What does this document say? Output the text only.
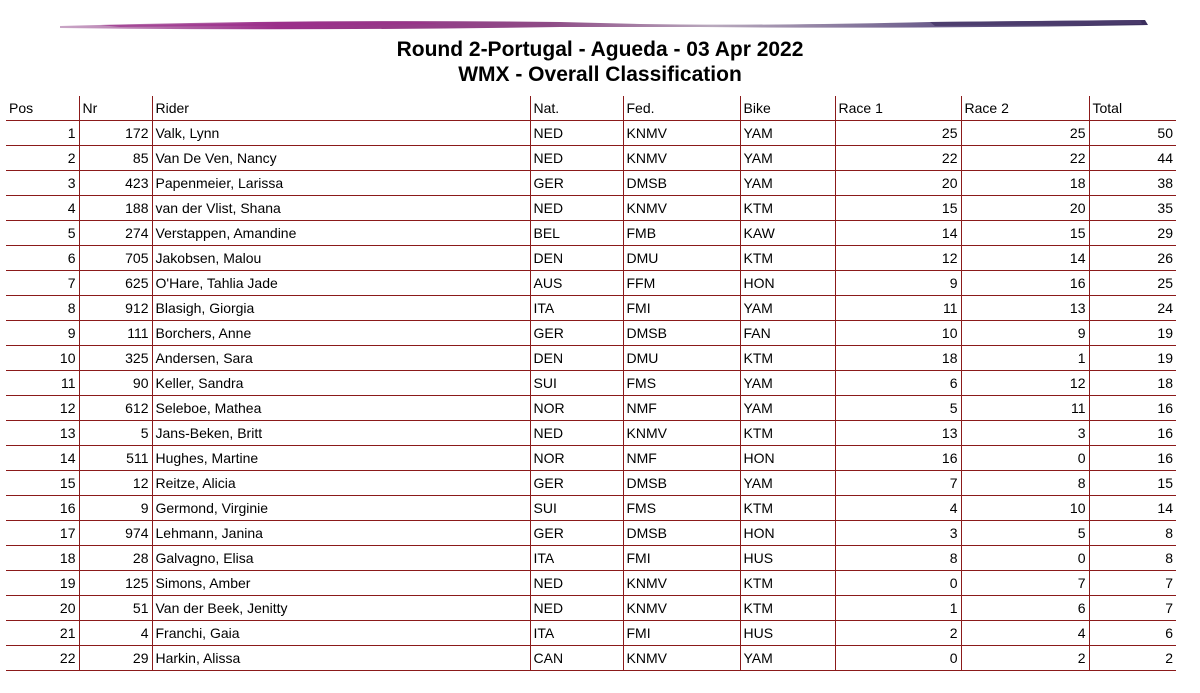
Round 2-Portugal - Agueda - 03 Apr 2022
WMX - Overall Classification
Pos	Nr	Rider	Nat.	Fed.	Bike	Race 1	Race 2	Total
1	172	Valk, Lynn	NED	KNMV	YAM	25	25	50
2	85	Van De Ven, Nancy	NED	KNMV	YAM	22	22	44
3	423	Papenmeier, Larissa	GER	DMSB	YAM	20	18	38
4	188	van der Vlist, Shana	NED	KNMV	KTM	15	20	35
5	274	Verstappen, Amandine	BEL	FMB	KAW	14	15	29
6	705	Jakobsen, Malou	DEN	DMU	KTM	12	14	26
7	625	O'Hare, Tahlia Jade	AUS	FFM	HON	9	16	25
8	912	Blasigh, Giorgia	ITA	FMI	YAM	11	13	24
9	111	Borchers, Anne	GER	DMSB	FAN	10	9	19
10	325	Andersen, Sara	DEN	DMU	KTM	18	1	19
11	90	Keller, Sandra	SUI	FMS	YAM	6	12	18
12	612	Seleboe, Mathea	NOR	NMF	YAM	5	11	16
13	5	Jans-Beken, Britt	NED	KNMV	KTM	13	3	16
14	511	Hughes, Martine	NOR	NMF	HON	16	0	16
15	12	Reitze, Alicia	GER	DMSB	YAM	7	8	15
16	9	Germond, Virginie	SUI	FMS	KTM	4	10	14
17	974	Lehmann, Janina	GER	DMSB	HON	3	5	8
18	28	Galvagno, Elisa	ITA	FMI	HUS	8	0	8
19	125	Simons, Amber	NED	KNMV	KTM	0	7	7
20	51	Van der Beek, Jenitty	NED	KNMV	KTM	1	6	7
21	4	Franchi, Gaia	ITA	FMI	HUS	2	4	6
22	29	Harkin, Alissa	CAN	KNMV	YAM	0	2	2
